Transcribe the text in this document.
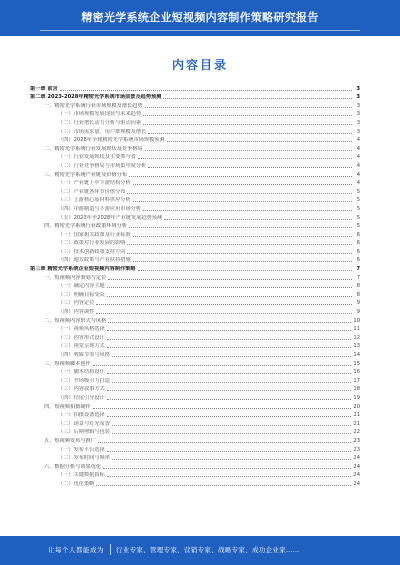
精密光学系统企业短视频内容制作策略研究报告
内容目录
第一章 前言	3
第二章 2023-2028年精密光学系统市场前景及趋势预测	3
一、精密光学系统行业市场规模及增长趋势	3
（一）市场规模发展现状与未来趋势	3
（二）行业增长动力分析与驱动因素	3
（三）市场需求量、用户群规模及增长	3
（四）2028年全球精密光学系统市场规模预测	4
二、精密光学系统行业发展现状及竞争格局	4
（一）行业发展现状及主要参与者	4
（二）行业竞争格局与市场集中度分析	4
三、精密光学系统产业链及价值分布	4
（一）产业链上中下游结构分析	4
（二）产业链各环节价值分布	5
（三）上游核心原材料供应分析	5
（四）中游制造与下游应用市场分析	5
（五）2023年至2028年产业链发展趋势预测	5
四、精密光学系统行业政策环境分析	5
（一）国家相关政策及行业标准	6
（二）政策对行业发展的影响	6
（三）技术创新政策支持方向	6
（四）地方政策与产业扶持措施	6
第三章 精密光学系统企业短视频内容制作策略	7
一、短视频内容策划与定位	7
（一）确定内容主题	8
（二）明确目标受众	8
（三）内容定位	9
（四）内容调性	9
二、短视频内容形式与风格	10
（一）视频风格选择	11
（二）内容形式设计	12
（三）视觉呈现方式	13
（四）剪辑节奏与风格	14
三、短视频脚本创作	15
（一）脚本结构设计	16
（二）开场吸引力打造	17
（三）内容叙事方式	18
（四）结尾引导设计	19
四、短视频拍摄制作	20
（一）拍摄设备选择	21
（二）场景与灯光布置	21
（三）后期剪辑与包装	22
五、短视频发布与推广	23
（一）发布平台选择	23
（二）发布时间与频率	24
六、数据分析与效果优化	24
（一）关键数据指标	24
（二）优化策略	24
让每个人都能成为 行业专家、管理专家、营销专家、战略专家、成功企业家……
